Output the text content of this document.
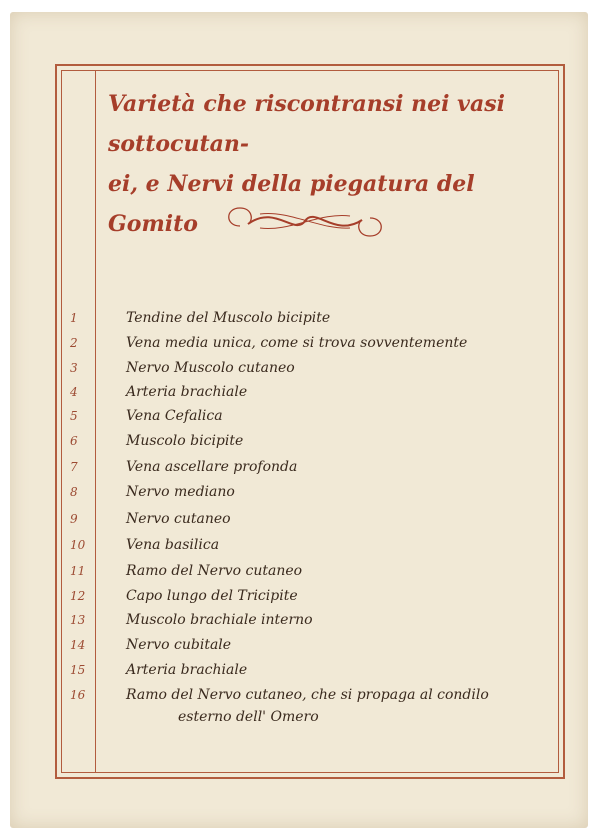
Varietà che riscontransi nei vasi sottocutan-
ei, e Nervi della piegatura del Gomito
1	Tendine del Muscolo bicipite
2	Vena media unica, come si trova sovventemente
3	Nervo Muscolo cutaneo
4	Arteria brachiale
5	Vena Cefalica
6	Muscolo bicipite
7	Vena ascellare profonda
8	Nervo mediano
9	Nervo cutaneo
10	Vena basilica
11	Ramo del Nervo cutaneo
12	Capo lungo del Tricipite
13	Muscolo brachiale interno
14	Nervo cubitale
15	Arteria brachiale
16	Ramo del Nervo cutaneo, che si propaga al condilo
esterno dell' Omero
